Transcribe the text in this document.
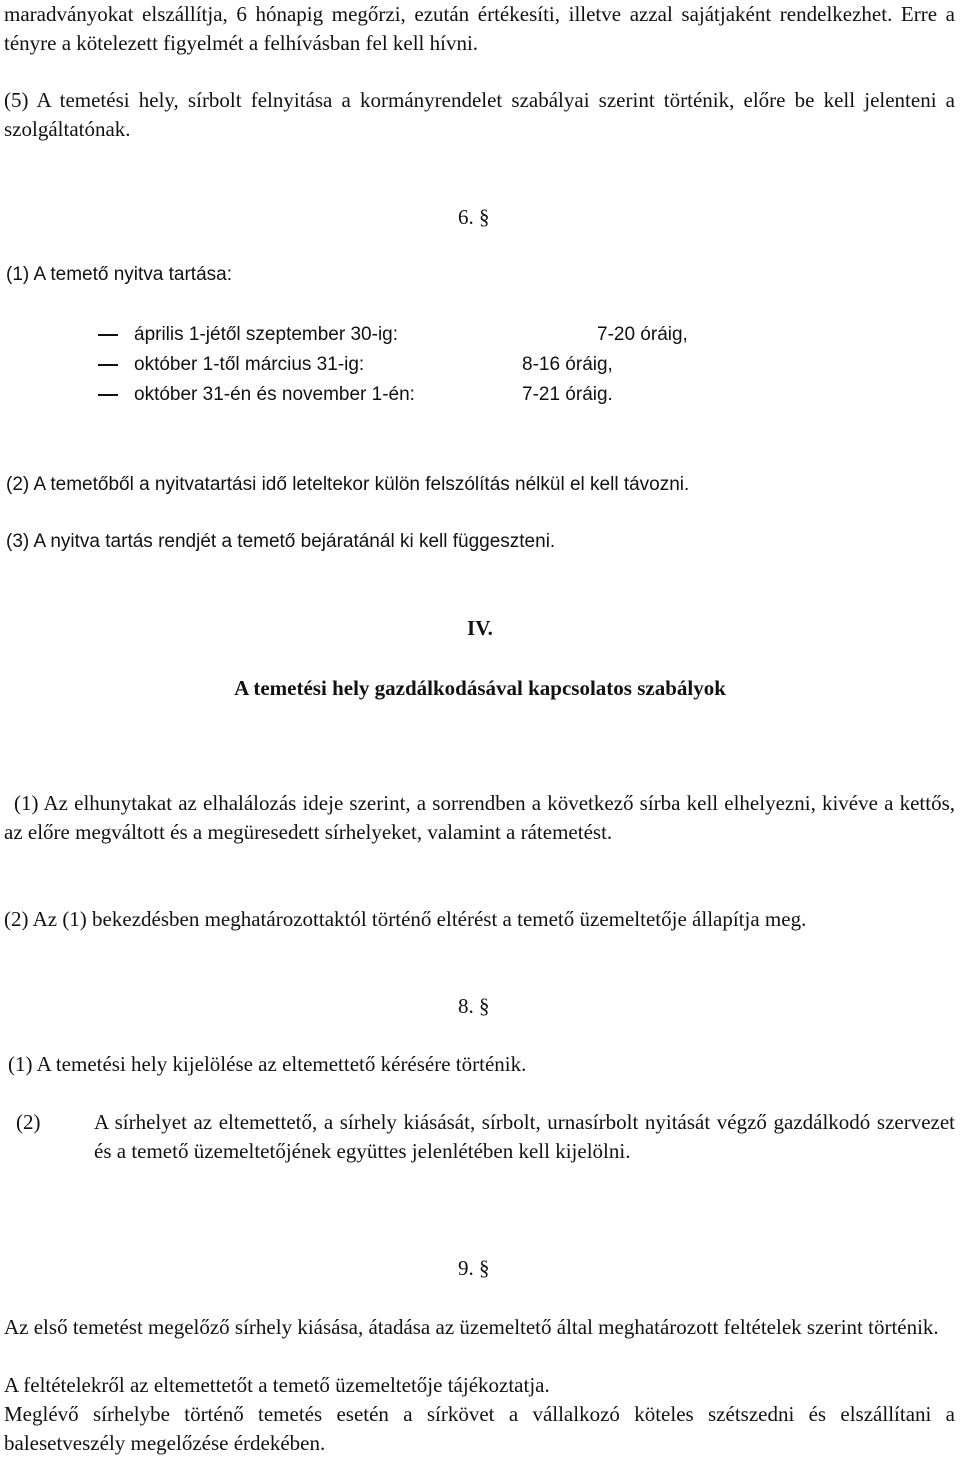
maradványokat elszállítja, 6 hónapig megőrzi, ezután értékesíti, illetve azzal sajátjaként rendelkezhet. Erre a tényre a kötelezett figyelmét a felhívásban fel kell hívni.
(5) A temetési hely, sírbolt felnyitása a kormányrendelet szabályai szerint történik, előre be kell jelenteni a szolgáltatónak.
6. §
(1) A temető nyitva tartása:
április 1-jétől szeptember 30-ig:	7-20 óráig,
október 1-től március 31-ig:	8-16 óráig,
október 31-én és november 1-én:	7-21 óráig.
(2) A temetőből a nyitvatartási idő leteltekor külön felszólítás nélkül el kell távozni.
(3) A nyitva tartás rendjét a temető bejáratánál ki kell függeszteni.
IV.
A temetési hely gazdálkodásával kapcsolatos szabályok
(1) Az elhunytakat az elhalálozás ideje szerint, a sorrendben a következő sírba kell elhelyezni, kivéve a kettős, az előre megváltott és a megüresedett sírhelyeket, valamint a rátemetést.
(2) Az (1) bekezdésben meghatározottaktól történő eltérést a temető üzemeltetője állapítja meg.
8. §
(1) A temetési hely kijelölése az eltemettető kérésére történik.
(2)	A sírhelyet az eltemettető, a sírhely kiásását, sírbolt, urnasírbolt nyitását végző gazdálkodó szervezet és a temető üzemeltetőjének együttes jelenlétében kell kijelölni.
9. §
Az első temetést megelőző sírhely kiásása, átadása az üzemeltető által meghatározott feltételek szerint történik.
A feltételekről az eltemettetőt a temető üzemeltetője tájékoztatja.
Meglévő sírhelybe történő temetés esetén a sírkövet a vállalkozó köteles szétszedni és elszállítani a balesetveszély megelőzése érdekében.
